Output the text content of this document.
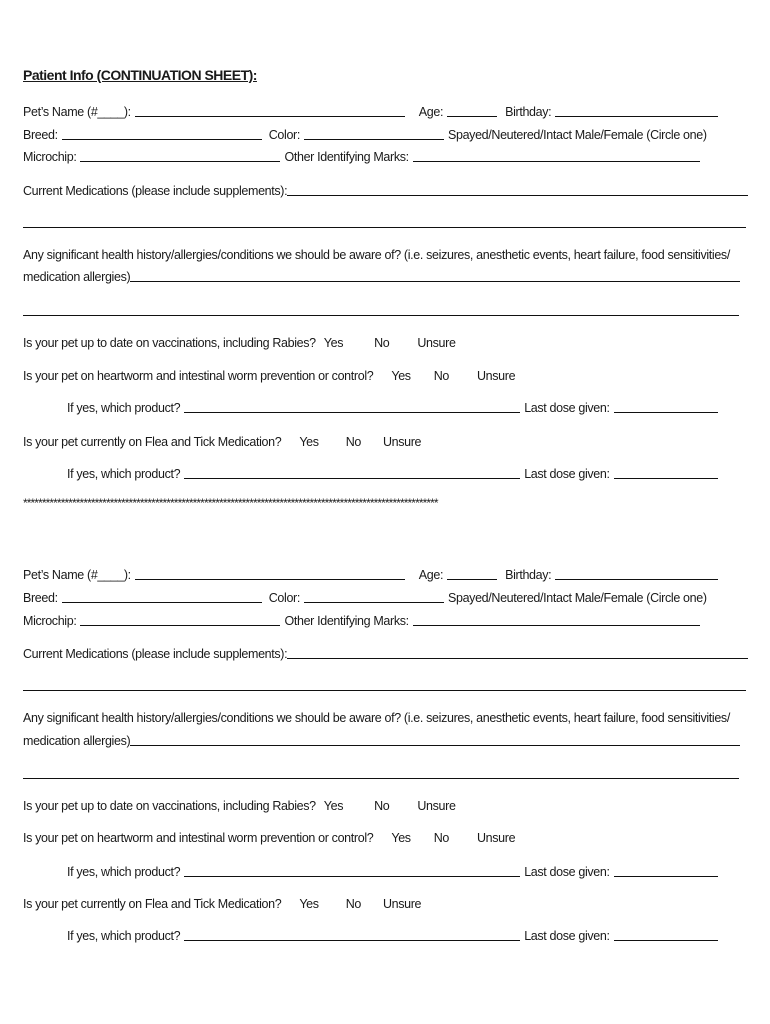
Patient Info (CONTINUATION SHEET):
Pet’s Name (#____):	Age:	Birthday:
Breed:	Color:	Spayed/Neutered/Intact Male/Female (Circle one)
Microchip:	Other Identifying Marks:
Current Medications (please include supplements):
Any significant health history/allergies/conditions we should be aware of? (i.e. seizures, anesthetic events, heart failure, food sensitivities/
medication allergies)
Is your pet up to date on vaccinations, including Rabies? Yes No Unsure
Is your pet on heartworm and intestinal worm prevention or control? Yes No Unsure
If yes, which product?	Last dose given:
Is your pet currently on Flea and Tick Medication? Yes No Unsure
If yes, which product?	Last dose given:
**************************************************************************************************************
Pet’s Name (#____):	Age:	Birthday:
Breed:	Color:	Spayed/Neutered/Intact Male/Female (Circle one)
Microchip:	Other Identifying Marks:
Current Medications (please include supplements):
Any significant health history/allergies/conditions we should be aware of? (i.e. seizures, anesthetic events, heart failure, food sensitivities/
medication allergies)
Is your pet up to date on vaccinations, including Rabies? Yes No Unsure
Is your pet on heartworm and intestinal worm prevention or control? Yes No Unsure
If yes, which product?	Last dose given:
Is your pet currently on Flea and Tick Medication? Yes No Unsure
If yes, which product?	Last dose given:
